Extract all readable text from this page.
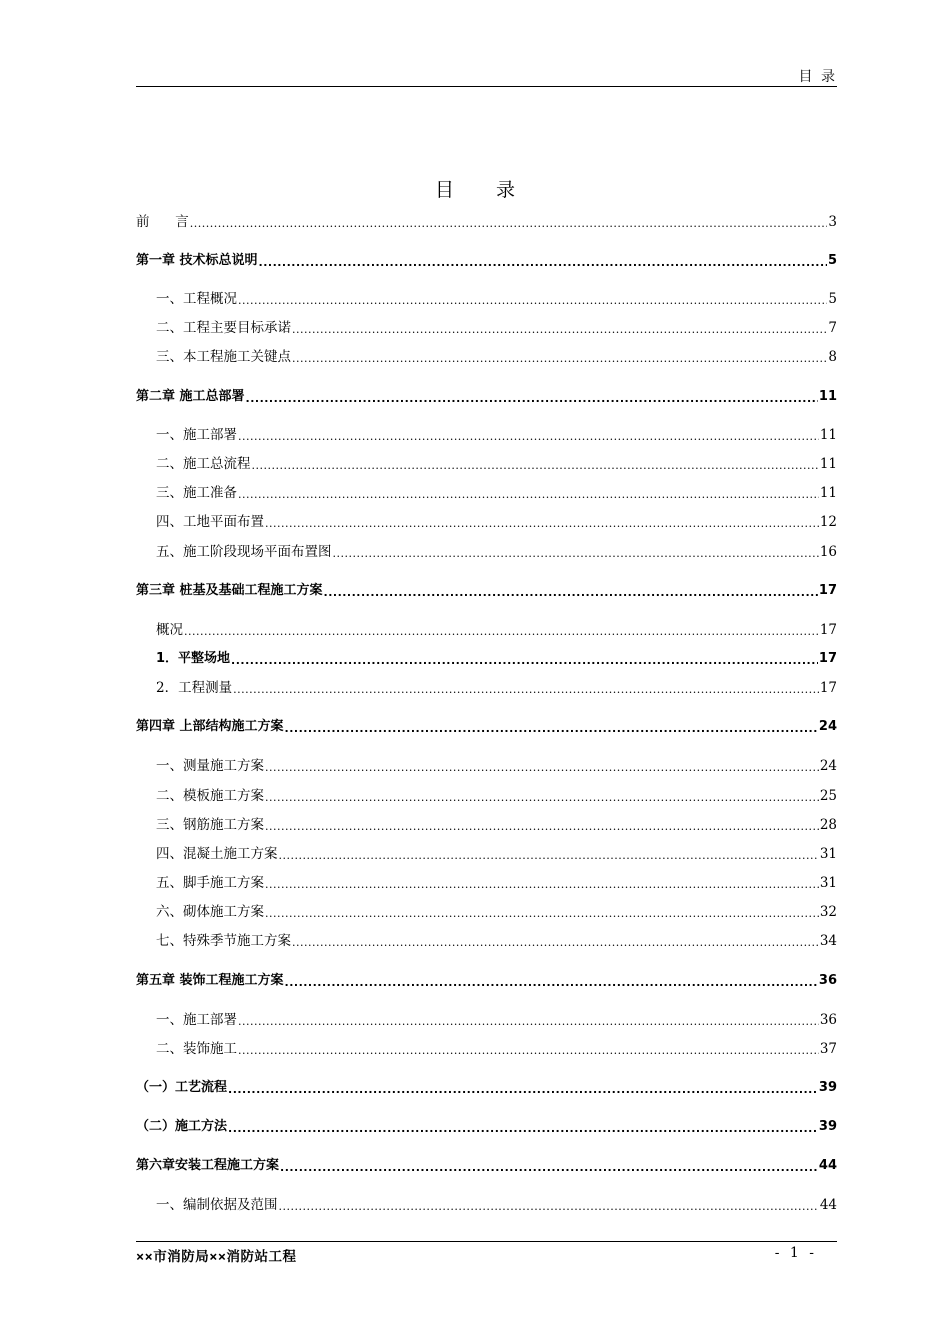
目 录
目 录
前      言 .....	3
第一章 技术标总说明 .....	5
一、工程概况 .....	5
二、工程主要目标承诺 .....	7
三、本工程施工关键点 .....	8
第二章 施工总部署 .....	11
一、施工部署 .....	11
二、施工总流程 .....	11
三、施工准备 .....	11
四、工地平面布置 .....	12
五、施工阶段现场平面布置图 .....	16
第三章 桩基及基础工程施工方案 .....	17
概况 .....	17
1．平整场地 .....	17
2．工程测量 .....	17
第四章 上部结构施工方案 .....	24
一、测量施工方案 .....	24
二、模板施工方案 .....	25
三、钢筋施工方案 .....	28
四、混凝土施工方案 .....	31
五、脚手施工方案 .....	31
六、砌体施工方案 .....	32
七、特殊季节施工方案 .....	34
第五章 装饰工程施工方案 .....	36
一、施工部署 .....	36
二、装饰施工 .....	37
（一）工艺流程 .....	39
（二）施工方法 .....	39
第六章安装工程施工方案 .....	44
一、编制依据及范围 .....	44
××市消防局××消防站工程	- 1 -
